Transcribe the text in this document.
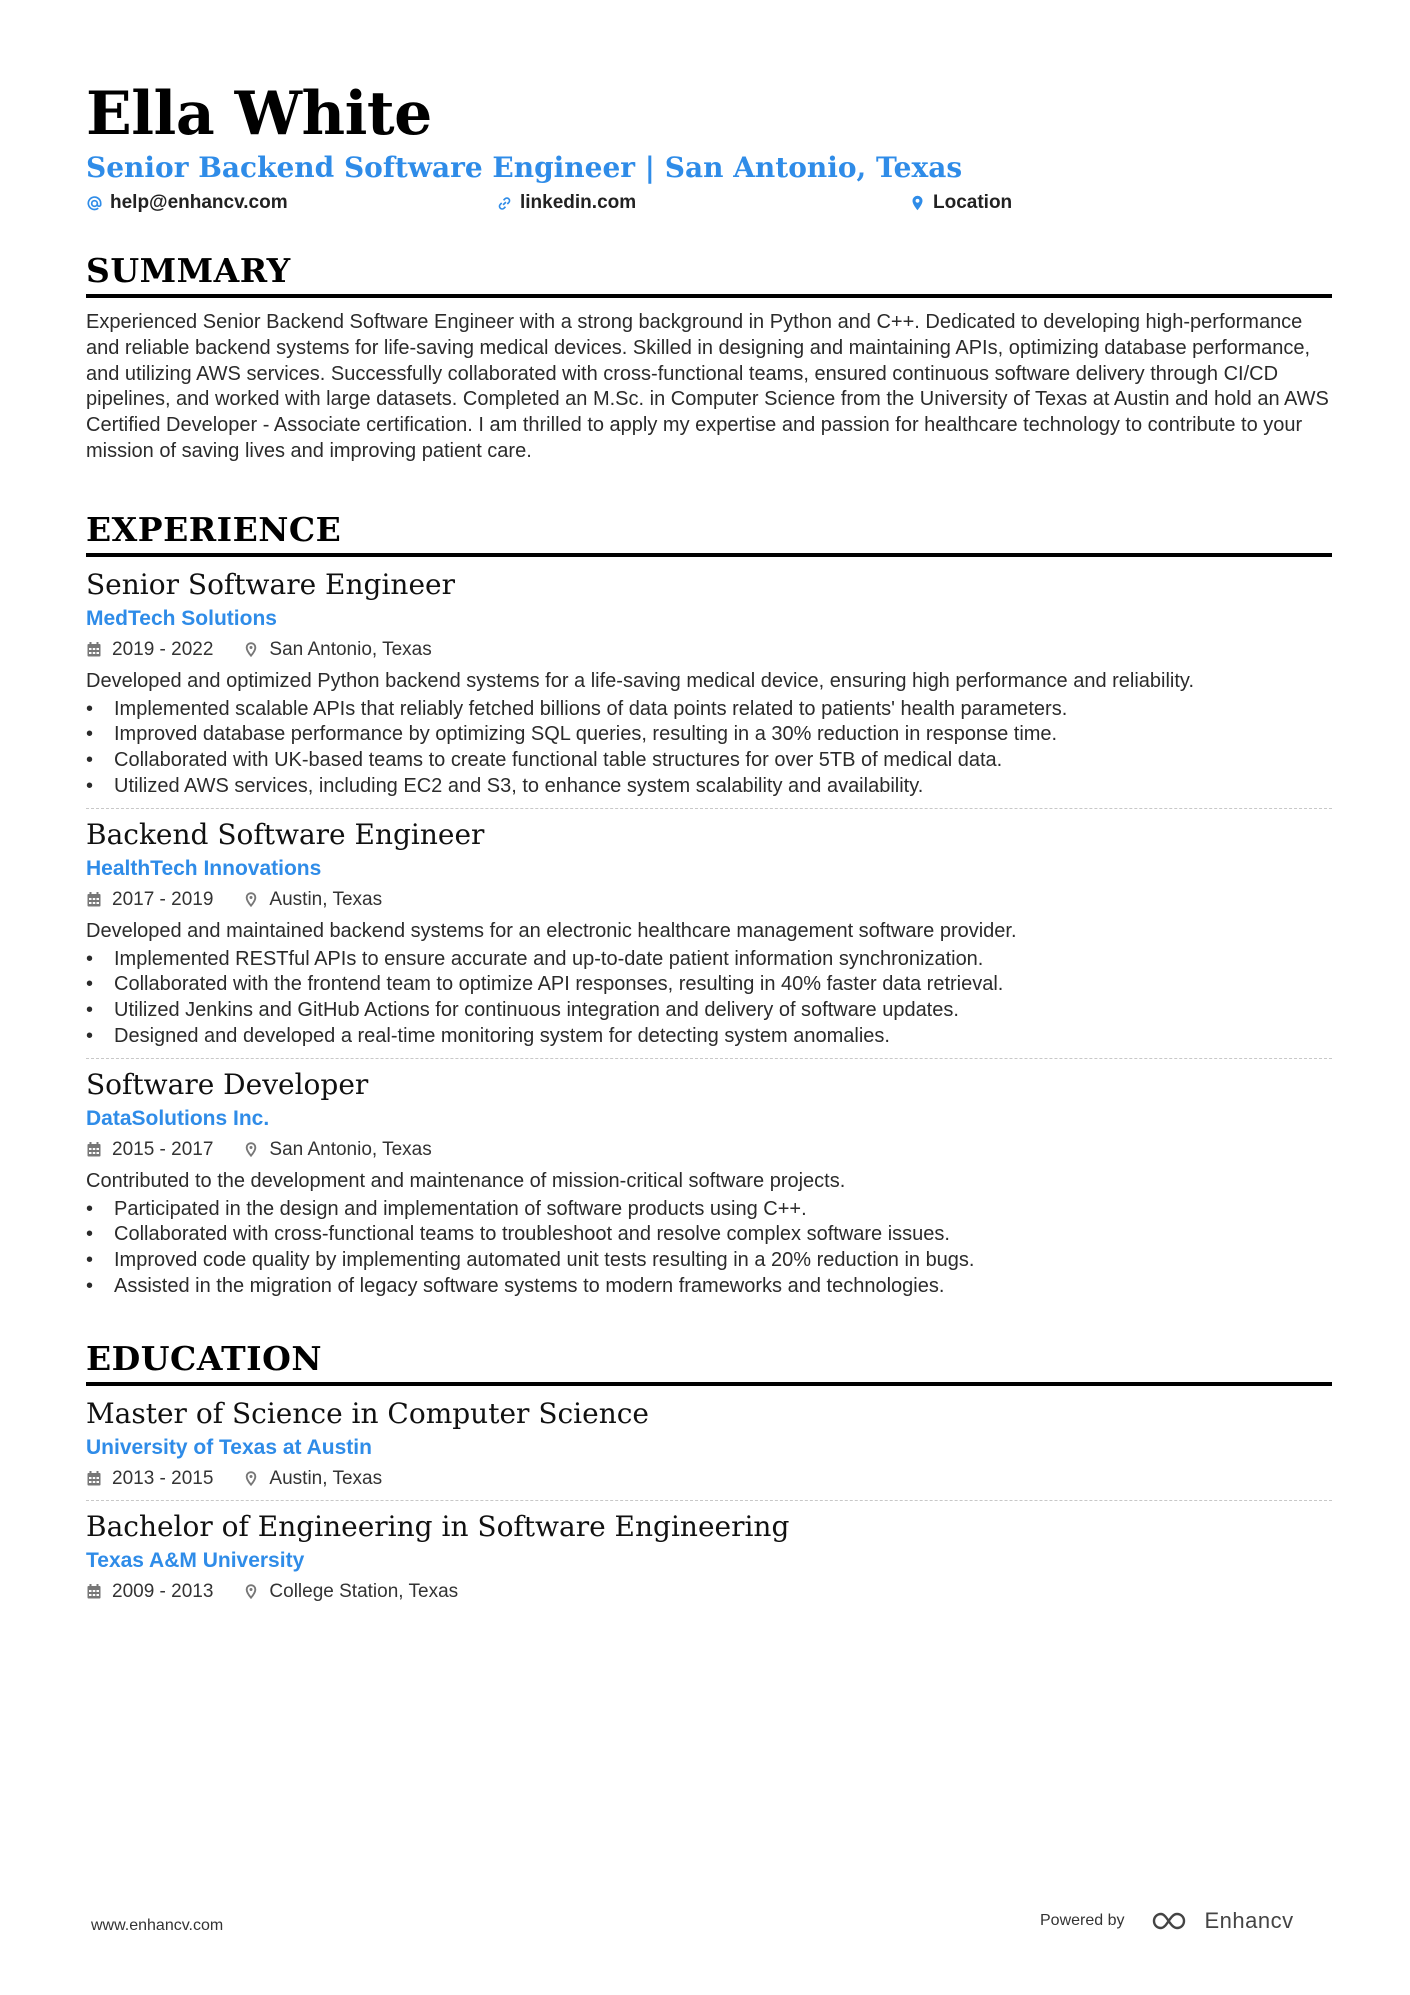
Ella White
Senior Backend Software Engineer | San Antonio, Texas
help@enhancv.com	linkedin.com	Location
SUMMARY
Experienced Senior Backend Software Engineer with a strong background in Python and C++. Dedicated to developing high-performance and reliable backend systems for life-saving medical devices. Skilled in designing and maintaining APIs, optimizing database performance, and utilizing AWS services. Successfully collaborated with cross-functional teams, ensured continuous software delivery through CI/CD pipelines, and worked with large datasets. Completed an M.Sc. in Computer Science from the University of Texas at Austin and hold an AWS Certified Developer - Associate certification. I am thrilled to apply my expertise and passion for healthcare technology to contribute to your mission of saving lives and improving patient care.
EXPERIENCE
Senior Software Engineer
MedTech Solutions
2019 - 2022	San Antonio, Texas
Developed and optimized Python backend systems for a life-saving medical device, ensuring high performance and reliability.
• Implemented scalable APIs that reliably fetched billions of data points related to patients' health parameters.
• Improved database performance by optimizing SQL queries, resulting in a 30% reduction in response time.
• Collaborated with UK-based teams to create functional table structures for over 5TB of medical data.
• Utilized AWS services, including EC2 and S3, to enhance system scalability and availability.
Backend Software Engineer
HealthTech Innovations
2017 - 2019	Austin, Texas
Developed and maintained backend systems for an electronic healthcare management software provider.
• Implemented RESTful APIs to ensure accurate and up-to-date patient information synchronization.
• Collaborated with the frontend team to optimize API responses, resulting in 40% faster data retrieval.
• Utilized Jenkins and GitHub Actions for continuous integration and delivery of software updates.
• Designed and developed a real-time monitoring system for detecting system anomalies.
Software Developer
DataSolutions Inc.
2015 - 2017	San Antonio, Texas
Contributed to the development and maintenance of mission-critical software projects.
• Participated in the design and implementation of software products using C++.
• Collaborated with cross-functional teams to troubleshoot and resolve complex software issues.
• Improved code quality by implementing automated unit tests resulting in a 20% reduction in bugs.
• Assisted in the migration of legacy software systems to modern frameworks and technologies.
EDUCATION
Master of Science in Computer Science
University of Texas at Austin
2013 - 2015	Austin, Texas
Bachelor of Engineering in Software Engineering
Texas A&M University
2009 - 2013	College Station, Texas
www.enhancv.com	Powered by	Enhancv
